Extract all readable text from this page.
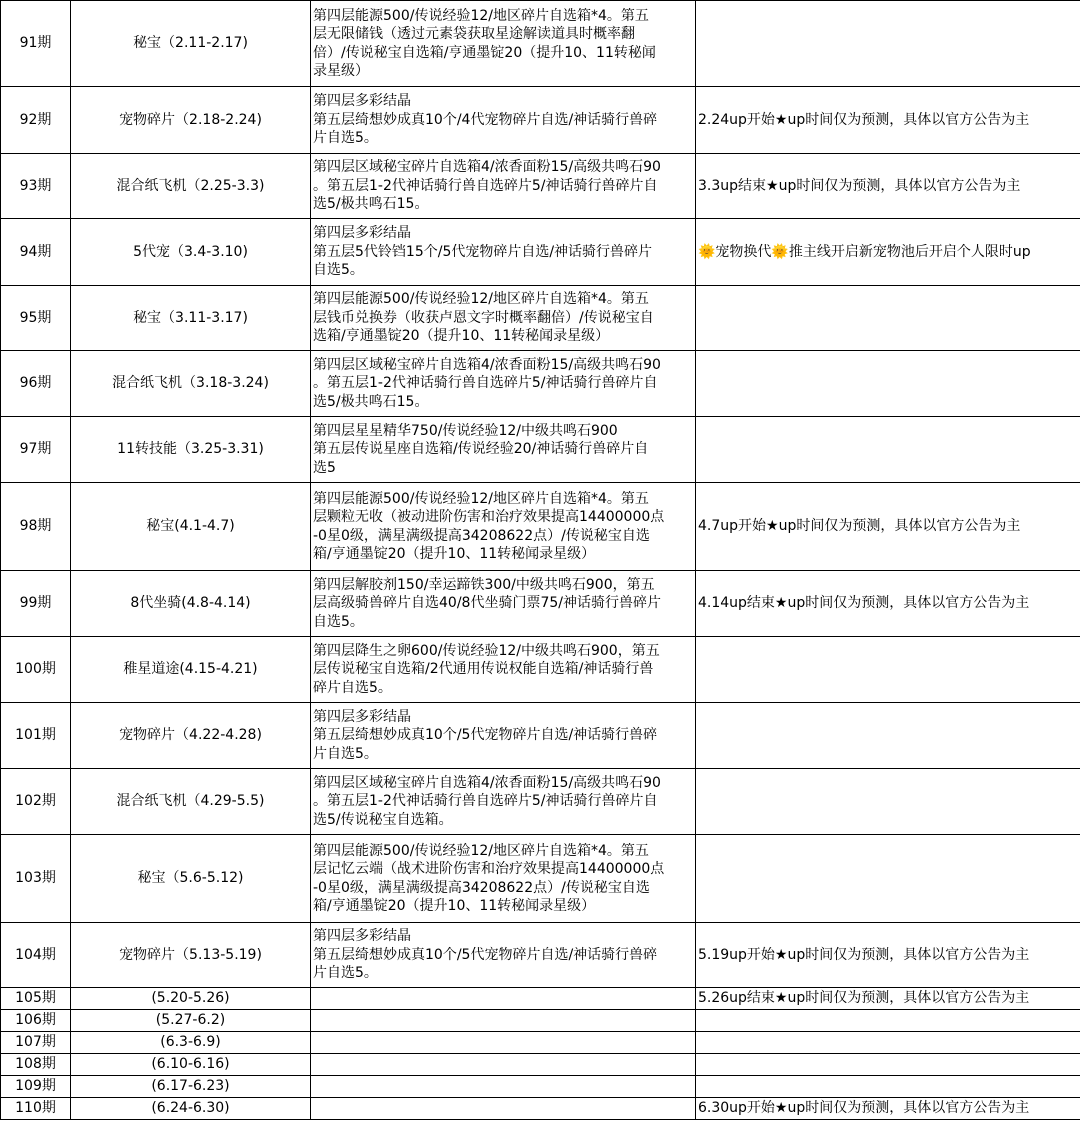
91期	秘宝（2.11-2.17)	第四层能源500/传说经验12/地区碎片自选箱*4。第五
层无限储钱（透过元素袋获取星途解读道具时概率翻
倍）/传说秘宝自选箱/亨通墨锭20（提升10、11转秘闻
录星级）	
92期	宠物碎片（2.18-2.24)	第四层多彩结晶
第五层绮想妙成真10个/4代宠物碎片自选/神话骑行兽碎
片自选5。	2.24up开始★up时间仅为预测，具体以官方公告为主
93期	混合纸飞机（2.25-3.3)	第四层区域秘宝碎片自选箱4/浓香面粉15/高级共鸣石90
。第五层1-2代神话骑行兽自选碎片5/神话骑行兽碎片自
选5/极共鸣石15。	3.3up结束★up时间仅为预测，具体以官方公告为主
94期	5代宠（3.4-3.10)	第四层多彩结晶
第五层5代铃铛15个/5代宠物碎片自选/神话骑行兽碎片
自选5。	🌞宠物换代🌞推主线开启新宠物池后开启个人限时up
95期	秘宝（3.11-3.17)	第四层能源500/传说经验12/地区碎片自选箱*4。第五
层钱币兑换券（收获卢恩文字时概率翻倍）/传说秘宝自
选箱/亨通墨锭20（提升10、11转秘闻录星级）	
96期	混合纸飞机（3.18-3.24)	第四层区域秘宝碎片自选箱4/浓香面粉15/高级共鸣石90
。第五层1-2代神话骑行兽自选碎片5/神话骑行兽碎片自
选5/极共鸣石15。	
97期	11转技能（3.25-3.31)	第四层星星精华750/传说经验12/中级共鸣石900
第五层传说星座自选箱/传说经验20/神话骑行兽碎片自
选5	
98期	秘宝(4.1-4.7)	第四层能源500/传说经验12/地区碎片自选箱*4。第五
层颗粒无收（被动进阶伤害和治疗效果提高14400000点
-0星0级，满星满级提高34208622点）/传说秘宝自选
箱/亨通墨锭20（提升10、11转秘闻录星级）	4.7up开始★up时间仅为预测，具体以官方公告为主
99期	8代坐骑(4.8-4.14)	第四层解胶剂150/幸运蹄铁300/中级共鸣石900，第五
层高级骑兽碎片自选40/8代坐骑门票75/神话骑行兽碎片
自选5。	4.14up结束★up时间仅为预测，具体以官方公告为主
100期	稚星道途(4.15-4.21)	第四层降生之卵600/传说经验12/中级共鸣石900，第五
层传说秘宝自选箱/2代通用传说权能自选箱/神话骑行兽
碎片自选5。	
101期	宠物碎片（4.22-4.28)	第四层多彩结晶
第五层绮想妙成真10个/5代宠物碎片自选/神话骑行兽碎
片自选5。	
102期	混合纸飞机（4.29-5.5)	第四层区域秘宝碎片自选箱4/浓香面粉15/高级共鸣石90
。第五层1-2代神话骑行兽自选碎片5/神话骑行兽碎片自
选5/传说秘宝自选箱。	
103期	秘宝（5.6-5.12)	第四层能源500/传说经验12/地区碎片自选箱*4。第五
层记忆云端（战术进阶伤害和治疗效果提高14400000点
-0星0级，满星满级提高34208622点）/传说秘宝自选
箱/亨通墨锭20（提升10、11转秘闻录星级）	
104期	宠物碎片（5.13-5.19)	第四层多彩结晶
第五层绮想妙成真10个/5代宠物碎片自选/神话骑行兽碎
片自选5。	5.19up开始★up时间仅为预测，具体以官方公告为主
105期	(5.20-5.26)		5.26up结束★up时间仅为预测，具体以官方公告为主
106期	(5.27-6.2)		
107期	(6.3-6.9)		
108期	(6.10-6.16)		
109期	(6.17-6.23)		
110期	(6.24-6.30)		6.30up开始★up时间仅为预测，具体以官方公告为主
